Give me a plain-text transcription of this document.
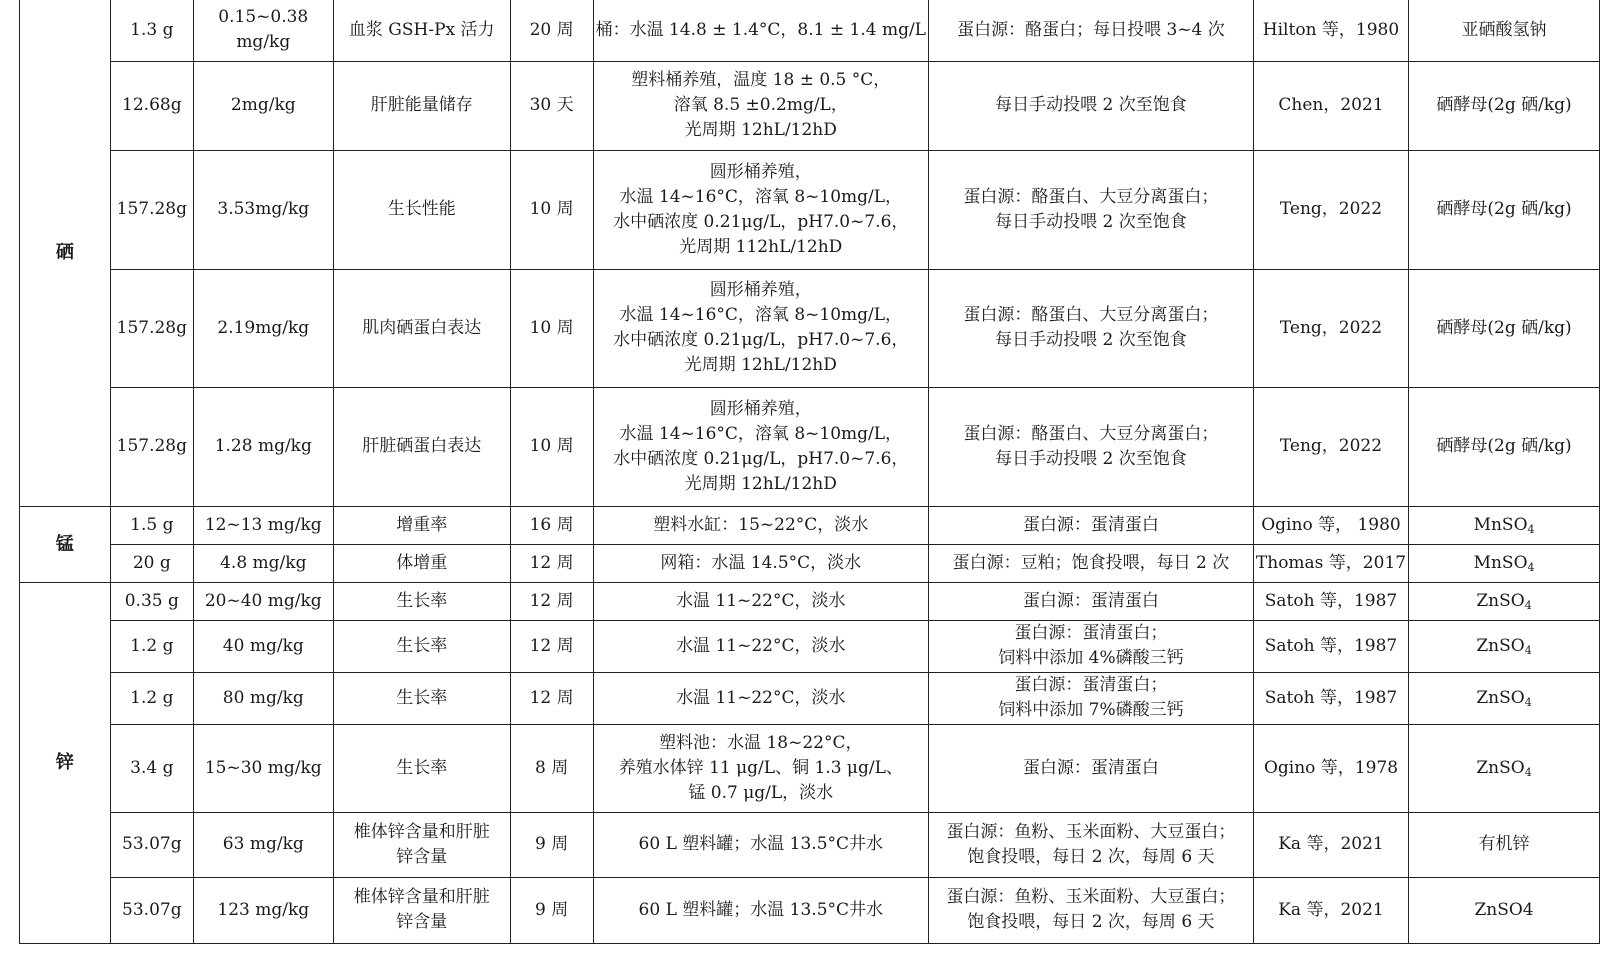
硒	1.3 g	0.15~0.38
mg/kg	血浆 GSH-Px 活力	20 周	桶：水温 14.8 ± 1.4°C，8.1 ± 1.4 mg/L	蛋白源：酪蛋白；每日投喂 3~4 次	Hilton 等，1980	亚硒酸氢钠
	12.68g	2mg/kg	肝脏能量储存	30 天	塑料桶养殖，温度 18 ± 0.5 °C，
溶氧 8.5 ±0.2mg/L，
光周期 12hL/12hD	每日手动投喂 2 次至饱食	Chen，2021	硒酵母(2g 硒/kg)
	157.28g	3.53mg/kg	生长性能	10 周	圆形桶养殖，
水温 14~16°C，溶氧 8~10mg/L，
水中硒浓度 0.21μg/L，pH7.0~7.6，
光周期 112hL/12hD	蛋白源：酪蛋白、大豆分离蛋白；
每日手动投喂 2 次至饱食	Teng，2022	硒酵母(2g 硒/kg)
	157.28g	2.19mg/kg	肌肉硒蛋白表达	10 周	圆形桶养殖，
水温 14~16°C，溶氧 8~10mg/L，
水中硒浓度 0.21μg/L，pH7.0~7.6，
光周期 12hL/12hD	蛋白源：酪蛋白、大豆分离蛋白；
每日手动投喂 2 次至饱食	Teng，2022	硒酵母(2g 硒/kg)
	157.28g	1.28 mg/kg	肝脏硒蛋白表达	10 周	圆形桶养殖，
水温 14~16°C，溶氧 8~10mg/L，
水中硒浓度 0.21μg/L，pH7.0~7.6，
光周期 12hL/12hD	蛋白源：酪蛋白、大豆分离蛋白；
每日手动投喂 2 次至饱食	Teng，2022	硒酵母(2g 硒/kg)
锰	1.5 g	12~13 mg/kg	增重率	16 周	塑料水缸：15~22°C，淡水	蛋白源：蛋清蛋白	Ogino 等， 1980	MnSO$_4$
	20 g	4.8 mg/kg	体增重	12 周	网箱：水温 14.5°C，淡水	蛋白源：豆粕；饱食投喂，每日 2 次	Thomas 等，2017	MnSO$_4$
锌	0.35 g	20~40 mg/kg	生长率	12 周	水温 11~22°C，淡水	蛋白源：蛋清蛋白	Satoh 等，1987	ZnSO$_4$
	1.2 g	40 mg/kg	生长率	12 周	水温 11~22°C，淡水	蛋白源：蛋清蛋白；
饲料中添加 4%磷酸三钙	Satoh 等，1987	ZnSO$_4$
	1.2 g	80 mg/kg	生长率	12 周	水温 11~22°C，淡水	蛋白源：蛋清蛋白；
饲料中添加 7%磷酸三钙	Satoh 等，1987	ZnSO$_4$
	3.4 g	15~30 mg/kg	生长率	8 周	塑料池：水温 18~22°C，
养殖水体锌 11 μg/L、铜 1.3 μg/L、
锰 0.7 μg/L，淡水	蛋白源：蛋清蛋白	Ogino 等，1978	ZnSO$_4$
	53.07g	63 mg/kg	椎体锌含量和肝脏
锌含量	9 周	60 L 塑料罐；水温 13.5°C井水	蛋白源：鱼粉、玉米面粉、大豆蛋白；
饱食投喂，每日 2 次，每周 6 天	Ka 等，2021	有机锌
	53.07g	123 mg/kg	椎体锌含量和肝脏
锌含量	9 周	60 L 塑料罐；水温 13.5°C井水	蛋白源：鱼粉、玉米面粉、大豆蛋白；
饱食投喂，每日 2 次，每周 6 天	Ka 等，2021	ZnSO4
